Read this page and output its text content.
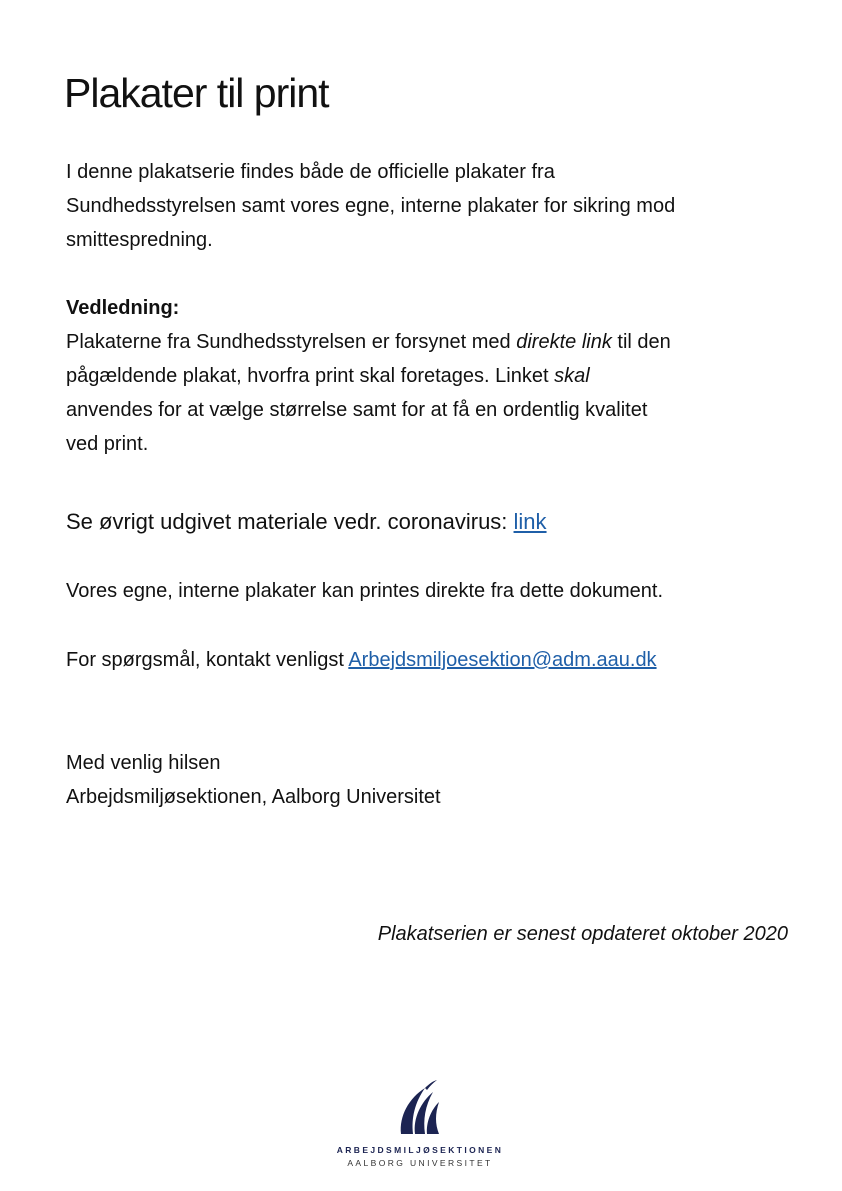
Plakater til print
I denne plakatserie findes både de officielle plakater fra
Sundhedsstyrelsen samt vores egne, interne plakater for sikring mod
smittespredning.
Vedledning:
Plakaterne fra Sundhedsstyrelsen er forsynet med direkte link til den
pågældende plakat, hvorfra print skal foretages. Linket skal
anvendes for at vælge størrelse samt for at få en ordentlig kvalitet
ved print.
Se øvrigt udgivet materiale vedr. coronavirus: link
Vores egne, interne plakater kan printes direkte fra dette dokument.
For spørgsmål, kontakt venligst Arbejdsmiljoesektion@adm.aau.dk
Med venlig hilsen
Arbejdsmiljøsektionen, Aalborg Universitet
Plakatserien er senest opdateret oktober 2020
ARBEJDSMILJØSEKTIONEN
AALBORG UNIVERSITET
